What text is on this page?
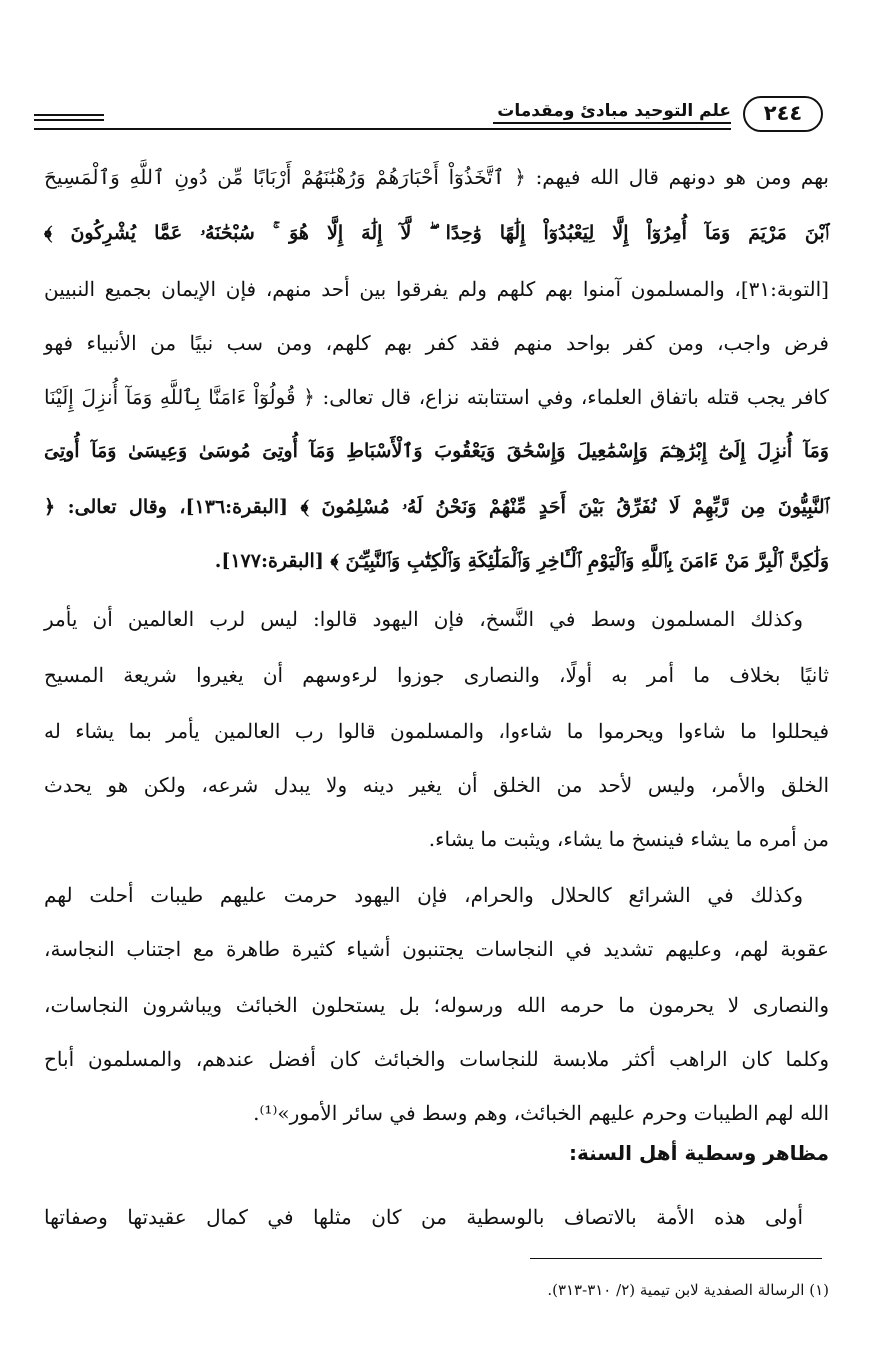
٢٤٤
علم التوحيد مبادئ ومقدمات
بهم ومن هو دونهم قال الله فيهم: ﴿ ٱتَّخَذُوٓاْ أَحْبَارَهُمْ وَرُهْبَٰنَهُمْ أَرْبَابًا مِّن دُونِ ٱللَّهِ وَٱلْمَسِيحَ
ٱبْنَ مَرْيَمَ وَمَآ أُمِرُوٓاْ إِلَّا لِيَعْبُدُوٓاْ إِلَٰهًا وَٰحِدًا ۖ لَّآ إِلَٰهَ إِلَّا هُوَ ۚ سُبْحَٰنَهُۥ عَمَّا يُشْرِكُونَ ﴾
[التوبة:٣١]، والمسلمون آمنوا بهم كلهم ولم يفرقوا بين أحد منهم، فإن الإيمان بجميع النبيين
فرض واجب، ومن كفر بواحد منهم فقد كفر بهم كلهم، ومن سب نبيًا من الأنبياء فهو
كافر يجب قتله باتفاق العلماء، وفي استتابته نزاع، قال تعالى: ﴿ قُولُوٓاْ ءَامَنَّا بِٱللَّهِ وَمَآ أُنزِلَ إِلَيْنَا
وَمَآ أُنزِلَ إِلَىٰٓ إِبْرَٰهِـۧمَ وَإِسْمَٰعِيلَ وَإِسْحَٰقَ وَيَعْقُوبَ وَٱلْأَسْبَاطِ وَمَآ أُوتِىَ مُوسَىٰ وَعِيسَىٰ وَمَآ أُوتِىَ
ٱلنَّبِيُّونَ مِن رَّبِّهِمْ لَا نُفَرِّقُ بَيْنَ أَحَدٍ مِّنْهُمْ وَنَحْنُ لَهُۥ مُسْلِمُونَ ﴾ [البقرة:١٣٦]، وقال تعالى: ﴿
وَلَٰكِنَّ ٱلْبِرَّ مَنْ ءَامَنَ بِٱللَّهِ وَٱلْيَوْمِ ٱلْـَٔاخِرِ وَٱلْمَلَٰٓئِكَةِ وَٱلْكِتَٰبِ وَٱلنَّبِيِّـۧنَ ﴾ [البقرة:١٧٧].
وكذلك المسلمون وسط في النَّسخ، فإن اليهود قالوا: ليس لرب العالمين أن يأمر
ثانيًا بخلاف ما أمر به أولًا، والنصارى جوزوا لرءوسهم أن يغيروا شريعة المسيح
فيحللوا ما شاءوا ويحرموا ما شاءوا، والمسلمون قالوا رب العالمين يأمر بما يشاء له
الخلق والأمر، وليس لأحد من الخلق أن يغير دينه ولا يبدل شرعه، ولكن هو يحدث
من أمره ما يشاء فينسخ ما يشاء، ويثبت ما يشاء.
وكذلك في الشرائع كالحلال والحرام، فإن اليهود حرمت عليهم طيبات أحلت لهم
عقوبة لهم، وعليهم تشديد في النجاسات يجتنبون أشياء كثيرة طاهرة مع اجتناب النجاسة،
والنصارى لا يحرمون ما حرمه الله ورسوله؛ بل يستحلون الخبائث ويباشرون النجاسات،
وكلما كان الراهب أكثر ملابسة للنجاسات والخبائث كان أفضل عندهم، والمسلمون أباح
الله لهم الطيبات وحرم عليهم الخبائث، وهم وسط في سائر الأمور»⁽¹⁾.
أولى هذه الأمة بالاتصاف بالوسطية من كان مثلها في كمال عقيدتها وصفاتها
مظاهر وسطية أهل السنة:
(١) الرسالة الصفدية لابن تيمية (٢/ ٣١٠-٣١٣).
